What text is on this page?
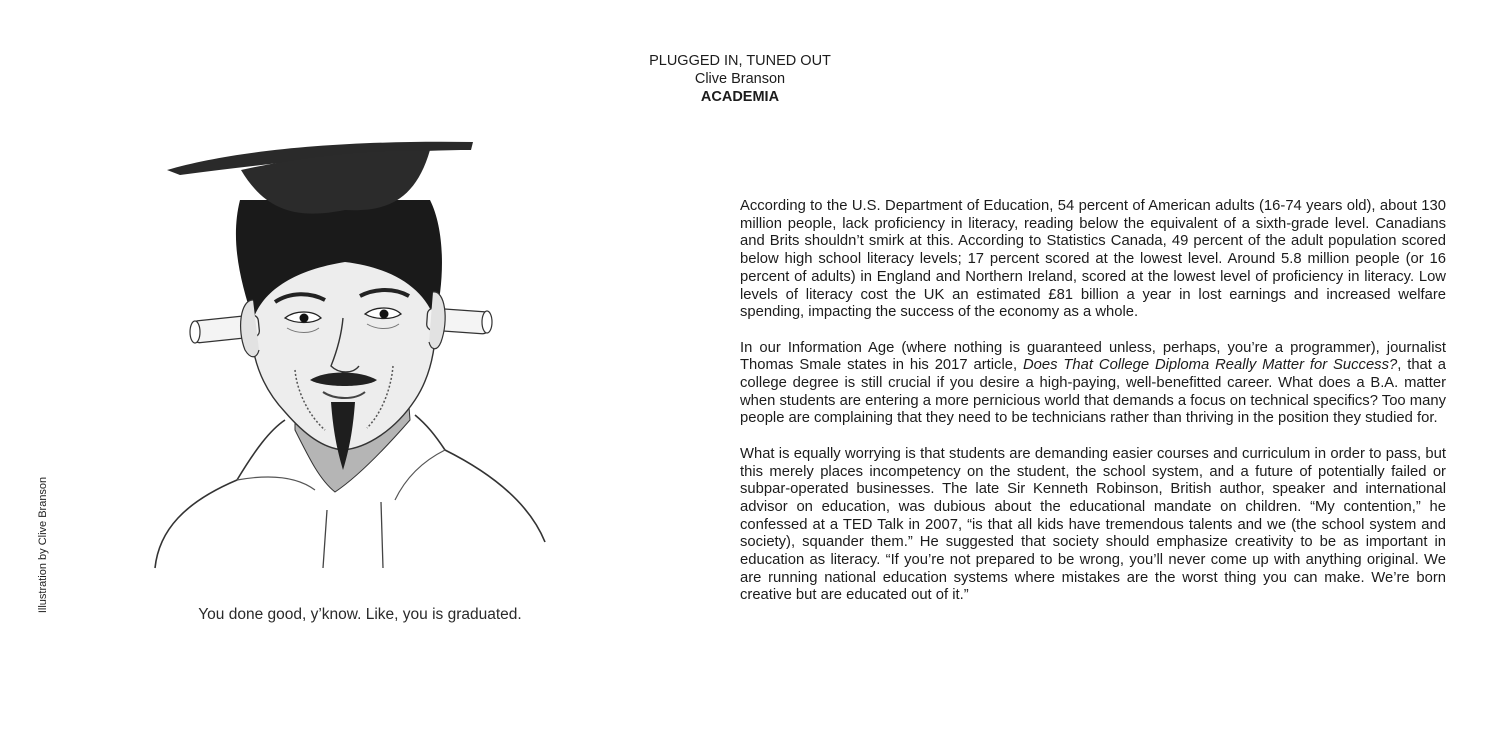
PLUGGED IN, TUNED OUT
Clive Branson
ACADEMIA
Illustration by Clive Branson
You done good, y’know. Like, you is graduated.

According to the U.S. Department of Education, 54 percent of American adults (16-74 years old), about 130 million people, lack proficiency in literacy, reading below the equivalent of a sixth-grade level. Canadians and Brits shouldn’t smirk at this. According to Statistics Canada, 49 percent of the adult population scored below high school literacy levels; 17 percent scored at the lowest level. Around 5.8 million people (or 16 percent of adults) in England and Northern Ireland, scored at the lowest level of proficiency in literacy. Low levels of literacy cost the UK an estimated £81 billion a year in lost earnings and increased welfare spending, impacting the success of the economy as a whole.

In our Information Age (where nothing is guaranteed unless, perhaps, you’re a programmer), journalist Thomas Smale states in his 2017 article, Does That College Diploma Really Matter for Success?, that a college degree is still crucial if you desire a high-paying, well-benefitted career. What does a B.A. matter when students are entering a more pernicious world that demands a focus on technical specifics? Too many people are complaining that they need to be technicians rather than thriving in the position they studied for.

What is equally worrying is that students are demanding easier courses and curriculum in order to pass, but this merely places incompetency on the student, the school system, and a future of potentially failed or subpar-operated businesses. The late Sir Kenneth Robinson, British author, speaker and international advisor on education, was dubious about the educational mandate on children. “My contention,” he confessed at a TED Talk in 2007, “is that all kids have tremendous talents and we (the school system and society), squander them.” He suggested that society should emphasize creativity to be as important in education as literacy. “If you’re not prepared to be wrong, you’ll never come up with anything original. We are running national education systems where mistakes are the worst thing you can make. We’re born creative but are educated out of it.”
